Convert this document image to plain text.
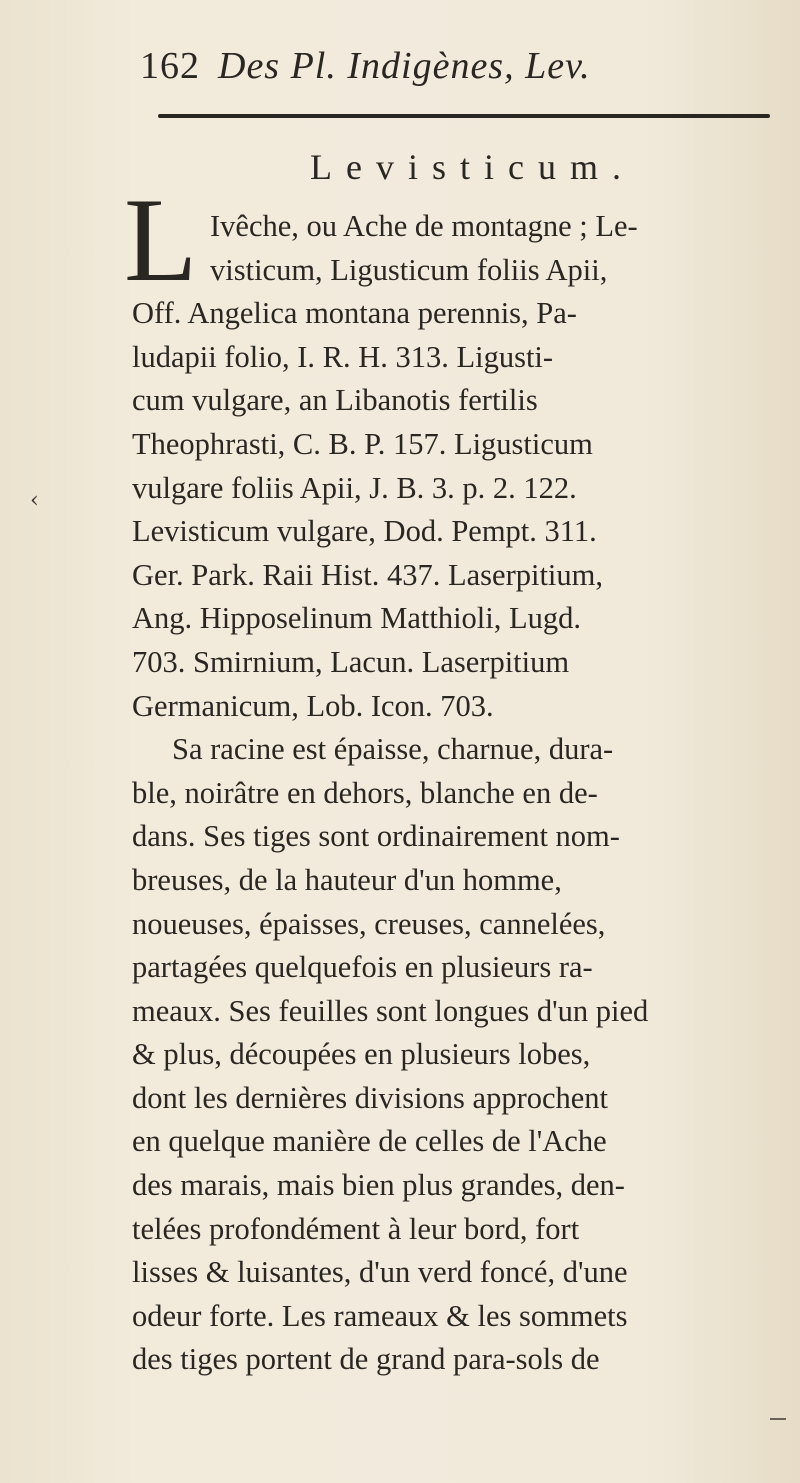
162 Des Pl. Indigènes, Lev.
Levisticum.
L Ivêche, ou Ache de montagne ; Le-
visticum, Ligusticum foliis Apii,
Off. Angelica montana perennis, Pa-
ludapii folio, I. R. H. 313. Ligusti-
cum vulgare, an Libanotis fertilis
Theophrasti, C. B. P. 157. Ligusticum
vulgare foliis Apii, J. B. 3. p. 2. 122.
Levisticum vulgare, Dod. Pempt. 311.
Ger. Park. Raii Hist. 437. Laserpitium,
Ang. Hipposelinum Matthioli, Lugd.
703. Smirnium, Lacun. Laserpitium
Germanicum, Lob. Icon. 703.
Sa racine est épaisse, charnue, dura-
ble, noirâtre en dehors, blanche en de-
dans. Ses tiges sont ordinairement nom-
breuses, de la hauteur d'un homme,
noueuses, épaisses, creuses, cannelées,
partagées quelquefois en plusieurs ra-
meaux. Ses feuilles sont longues d'un pied
& plus, découpées en plusieurs lobes,
dont les dernières divisions approchent
en quelque manière de celles de l'Ache
des marais, mais bien plus grandes, den-
telées profondément à leur bord, fort
lisses & luisantes, d'un verd foncé, d'une
odeur forte. Les rameaux & les sommets
des tiges portent de grand para-sols de
‹
